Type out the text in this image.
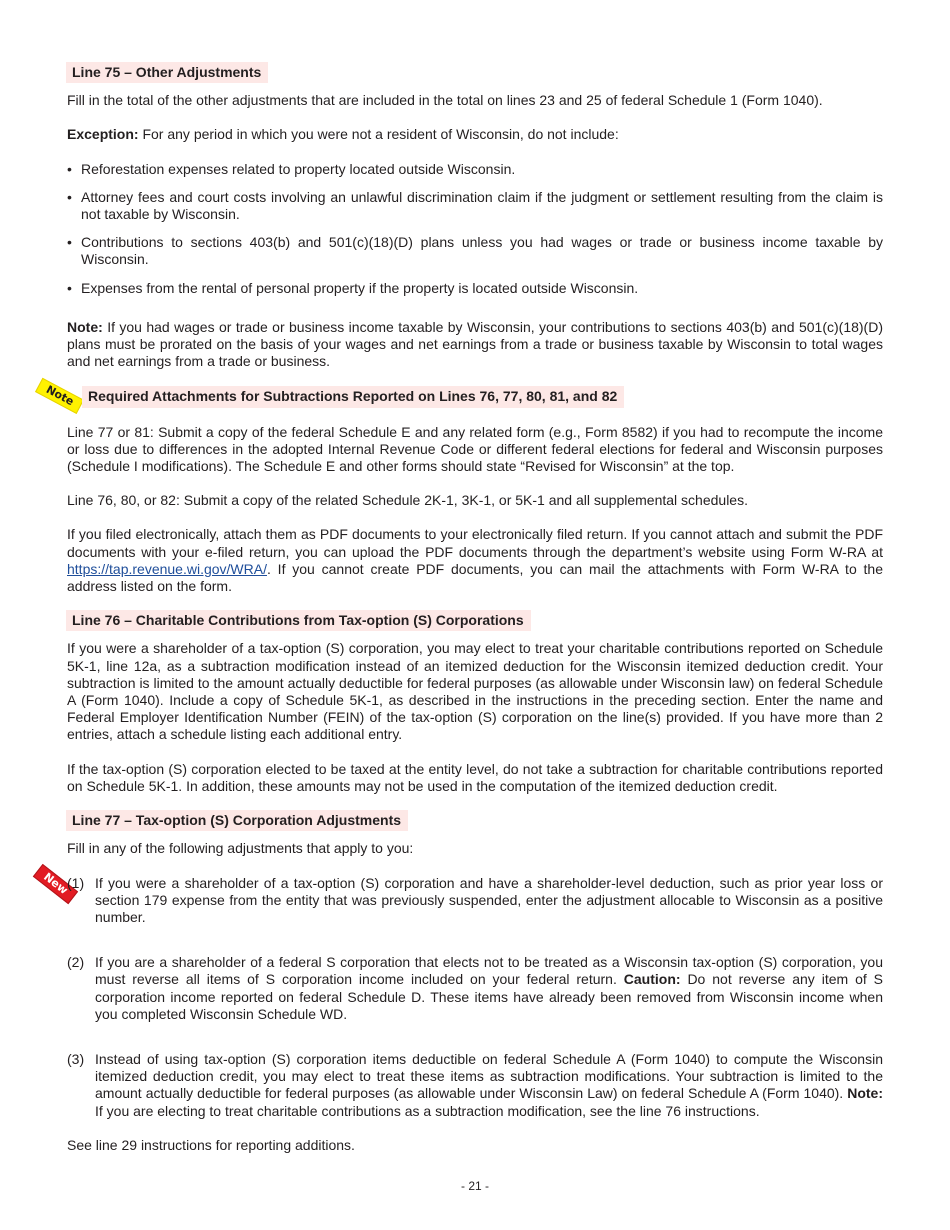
Note
New
Line 75 – Other Adjustments

Fill in the total of the other adjustments that are included in the total on lines 23 and 25 of federal Schedule 1 (Form 1040).

Exception: For any period in which you were not a resident of Wisconsin, do not include:

• Reforestation expenses related to property located outside Wisconsin.
• Attorney fees and court costs involving an unlawful discrimination claim if the judgment or settlement resulting from the claim is not taxable by Wisconsin.
• Contributions to sections 403(b) and 501(c)(18)(D) plans unless you had wages or trade or business income taxable by Wisconsin.
• Expenses from the rental of personal property if the property is located outside Wisconsin.

Note: If you had wages or trade or business income taxable by Wisconsin, your contributions to sections 403(b) and 501(c)(18)(D) plans must be prorated on the basis of your wages and net earnings from a trade or business taxable by Wisconsin to total wages and net earnings from a trade or business.

Required Attachments for Subtractions Reported on Lines 76, 77, 80, 81, and 82

Line 77 or 81: Submit a copy of the federal Schedule E and any related form (e.g., Form 8582) if you had to recompute the income or loss due to differences in the adopted Internal Revenue Code or different federal elections for federal and Wisconsin purposes (Schedule I modifications). The Schedule E and other forms should state “Revised for Wisconsin” at the top.

Line 76, 80, or 82: Submit a copy of the related Schedule 2K-1, 3K-1, or 5K-1 and all supplemental schedules.

If you filed electronically, attach them as PDF documents to your electronically filed return. If you cannot attach and submit the PDF documents with your e-filed return, you can upload the PDF documents through the department’s website using Form W-RA at https://tap.revenue.wi.gov/WRA/. If you cannot create PDF documents, you can mail the attachments with Form W-RA to the address listed on the form.

Line 76 – Charitable Contributions from Tax-option (S) Corporations

If you were a shareholder of a tax-option (S) corporation, you may elect to treat your charitable contributions reported on Schedule 5K-1, line 12a, as a subtraction modification instead of an itemized deduction for the Wisconsin itemized deduction credit. Your subtraction is limited to the amount actually deductible for federal purposes (as allowable under Wisconsin law) on federal Schedule A (Form 1040). Include a copy of Schedule 5K-1, as described in the instructions in the preceding section. Enter the name and Federal Employer Identification Number (FEIN) of the tax-option (S) corporation on the line(s) provided. If you have more than 2 entries, attach a schedule listing each additional entry.

If the tax-option (S) corporation elected to be taxed at the entity level, do not take a subtraction for charitable contributions reported on Schedule 5K-1. In addition, these amounts may not be used in the computation of the itemized deduction credit.

Line 77 – Tax-option (S) Corporation Adjustments

Fill in any of the following adjustments that apply to you:

(1) If you were a shareholder of a tax-option (S) corporation and have a shareholder-level deduction, such as prior year loss or section 179 expense from the entity that was previously suspended, enter the adjustment allocable to Wisconsin as a positive number.
(2) If you are a shareholder of a federal S corporation that elects not to be treated as a Wisconsin tax-option (S) corporation, you must reverse all items of S corporation income included on your federal return. Caution: Do not reverse any item of S corporation income reported on federal Schedule D. These items have already been removed from Wisconsin income when you completed Wisconsin Schedule WD.
(3) Instead of using tax-option (S) corporation items deductible on federal Schedule A (Form 1040) to compute the Wisconsin itemized deduction credit, you may elect to treat these items as subtraction modifications. Your subtraction is limited to the amount actually deductible for federal purposes (as allowable under Wisconsin Law) on federal Schedule A (Form 1040). Note: If you are electing to treat charitable contributions as a subtraction modification, see the line 76 instructions.

See line 29 instructions for reporting additions.

- 21 -
